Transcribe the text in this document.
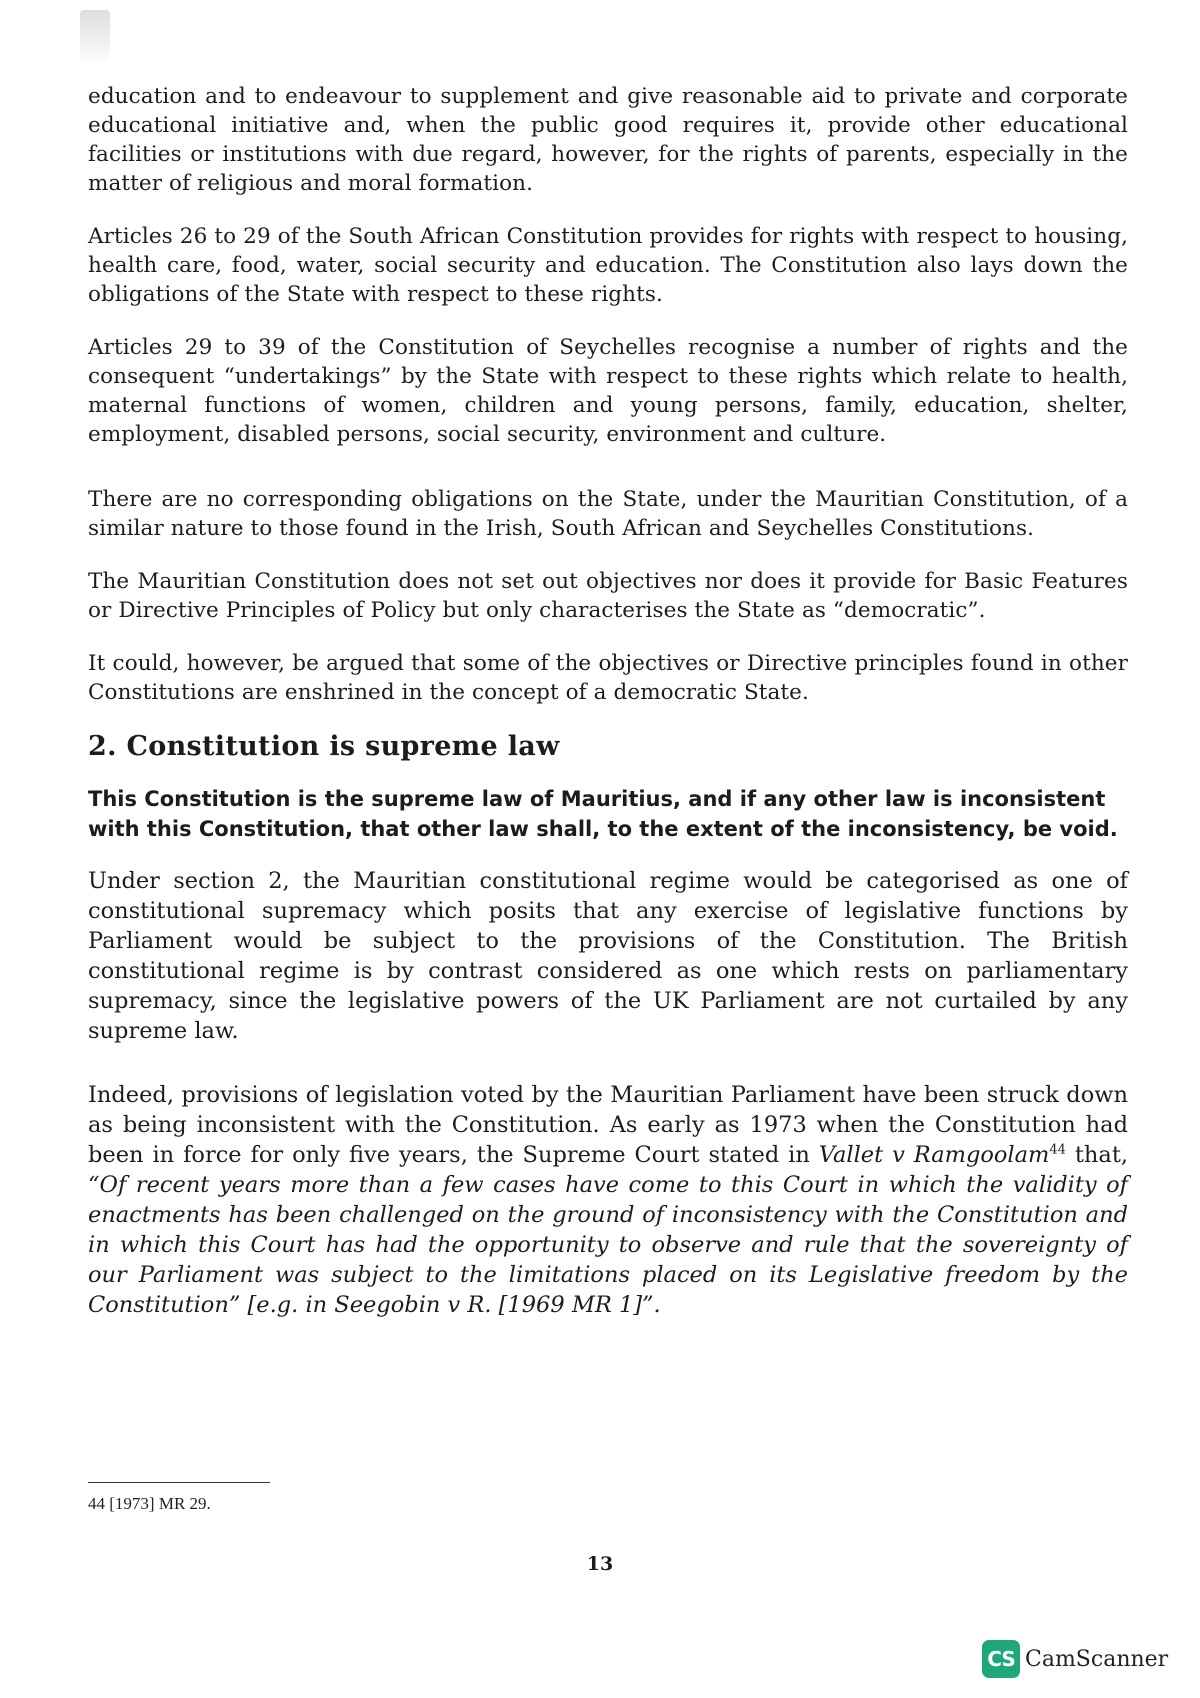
education and to endeavour to supplement and give reasonable aid to private and corporate educational initiative and, when the public good requires it, provide other educational facilities or institutions with due regard, however, for the rights of parents, especially in the matter of religious and moral formation.

Articles 26 to 29 of the South African Constitution provides for rights with respect to housing, health care, food, water, social security and education. The Constitution also lays down the obligations of the State with respect to these rights.

Articles 29 to 39 of the Constitution of Seychelles recognise a number of rights and the consequent “undertakings” by the State with respect to these rights which relate to health, maternal functions of women, children and young persons, family, education, shelter, employment, disabled persons, social security, environment and culture.

There are no corresponding obligations on the State, under the Mauritian Constitution, of a similar nature to those found in the Irish, South African and Seychelles Constitutions.

The Mauritian Constitution does not set out objectives nor does it provide for Basic Features or Directive Principles of Policy but only characterises the State as “democratic”.

It could, however, be argued that some of the objectives or Directive principles found in other Constitutions are enshrined in the concept of a democratic State.

2. Constitution is supreme law

This Constitution is the supreme law of Mauritius, and if any other law is inconsistent with this Constitution, that other law shall, to the extent of the inconsistency, be void.

Under section 2, the Mauritian constitutional regime would be categorised as one of constitutional supremacy which posits that any exercise of legislative functions by Parliament would be subject to the provisions of the Constitution. The British constitutional regime is by contrast considered as one which rests on parliamentary supremacy, since the legislative powers of the UK Parliament are not curtailed by any supreme law.

Indeed, provisions of legislation voted by the Mauritian Parliament have been struck down as being inconsistent with the Constitution. As early as 1973 when the Constitution had been in force for only five years, the Supreme Court stated in Vallet v Ramgoolam$^{44}$ that, “Of recent years more than a few cases have come to this Court in which the validity of enactments has been challenged on the ground of inconsistency with the Constitution and in which this Court has had the opportunity to observe and rule that the sovereignty of our Parliament was subject to the limitations placed on its Legislative freedom by the Constitution” [e.g. in Seegobin v R. [1969 MR 1]”.

44 [1973] MR 29.
13
CS CamScanner
